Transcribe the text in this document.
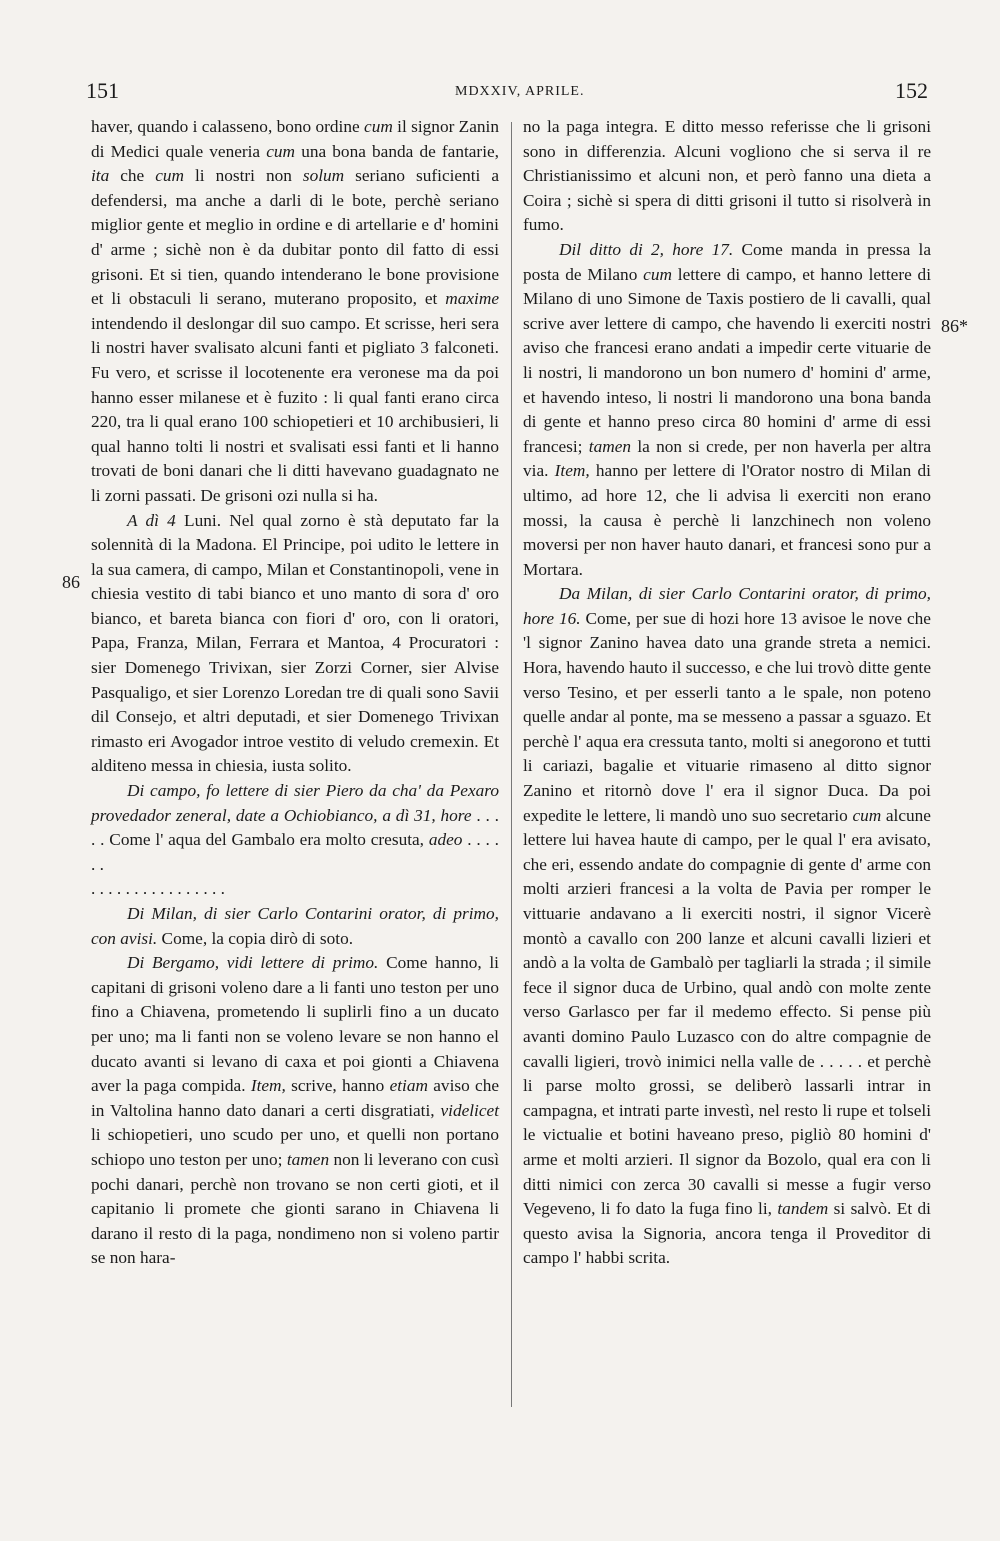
151	MDXXIV, APRILE.	152
86
86*

haver, quando i calasseno, bono ordine cum il signor Zanin di Medici quale veneria cum una bona banda de fantarie, ita che cum li nostri non solum seriano suficienti a defendersi, ma anche a darli di le bote, perchè seriano miglior gente et meglio in ordine e di artellarie e d' homini d' arme ; sichè non è da dubitar ponto dil fatto di essi grisoni. Et si tien, quando intenderano le bone provisione et li obstaculi li serano, muterano proposito, et maxime intendendo il deslongar dil suo campo. Et scrisse, heri sera li nostri haver svalisato alcuni fanti et pigliato 3 falconeti. Fu vero, et scrisse il locotenente era veronese ma da poi hanno esser milanese et è fuzito : li qual fanti erano circa 220, tra li qual erano 100 schiopetieri et 10 archibusieri, li qual hanno tolti li nostri et svalisati essi fanti et li hanno trovati de boni danari che li ditti havevano guadagnato ne li zorni passati. De grisoni ozi nulla si ha.

A dì 4 Luni. Nel qual zorno è stà deputato far la solennità di la Madona. El Principe, poi udito le lettere in la sua camera, di campo, Milan et Constantinopoli, vene in chiesia vestito di tabi bianco et uno manto di sora d' oro bianco, et bareta bianca con fiori d' oro, con li oratori, Papa, Franza, Milan, Ferrara et Mantoa, 4 Procuratori : sier Domenego Trivixan, sier Zorzi Corner, sier Alvise Pasqualigo, et sier Lorenzo Loredan tre di quali sono Savii dil Consejo, et altri deputadi, et sier Domenego Trivixan rimasto eri Avogador introe vestito di veludo cremexin. Et alditeno messa in chiesia, iusta solito.

Di campo, fo lettere di sier Piero da cha' da Pexaro provedador zeneral, date a Ochiobianco, a dì 31, hore . . . . . Come l' aqua del Gambalo era molto cresuta, adeo . . . . . .
. . . . . . . . . . . . . . . .

Di Milan, di sier Carlo Contarini orator, di primo, con avisi. Come, la copia dirò di soto.

Di Bergamo, vidi lettere di primo. Come hanno, li capitani di grisoni voleno dare a li fanti uno teston per uno fino a Chiavena, prometendo li suplirli fino a un ducato per uno; ma li fanti non se voleno levare se non hanno el ducato avanti si levano di caxa et poi gionti a Chiavena aver la paga compida. Item, scrive, hanno etiam aviso che in Valtolina hanno dato danari a certi disgratiati, videlicet li schiopetieri, uno scudo per uno, et quelli non portano schiopo uno teston per uno; tamen non li leverano con cusì pochi danari, perchè non trovano se non certi gioti, et il capitanio li promete che gionti sarano in Chiavena li darano il resto di la paga, nondimeno non si voleno partir se non hara-

no la paga integra. E ditto messo referisse che li grisoni sono in differenzia. Alcuni vogliono che si serva il re Christianissimo et alcuni non, et però fanno una dieta a Coira ; sichè si spera di ditti grisoni il tutto si risolverà in fumo.

Dil ditto di 2, hore 17. Come manda in pressa la posta de Milano cum lettere di campo, et hanno lettere di Milano di uno Simone de Taxis postiero de li cavalli, qual scrive aver lettere di campo, che havendo li exerciti nostri aviso che francesi erano andati a impedir certe vituarie de li nostri, li mandorono un bon numero d' homini d' arme, et havendo inteso, li nostri li mandorono una bona banda di gente et hanno preso circa 80 homini d' arme di essi francesi; tamen la non si crede, per non haverla per altra via. Item, hanno per lettere di l'Orator nostro di Milan di ultimo, ad hore 12, che li advisa li exerciti non erano mossi, la causa è perchè li lanzchinech non voleno moversi per non haver hauto danari, et francesi sono pur a Mortara.

Da Milan, di sier Carlo Contarini orator, di primo, hore 16. Come, per sue di hozi hore 13 avisoe le nove che 'l signor Zanino havea dato una grande streta a nemici. Hora, havendo hauto il successo, e che lui trovò ditte gente verso Tesino, et per esserli tanto a le spale, non poteno quelle andar al ponte, ma se messeno a passar a sguazo. Et perchè l' aqua era cressuta tanto, molti si anegorono et tutti li cariazi, bagalie et vituarie rimaseno al ditto signor Zanino et ritornò dove l' era il signor Duca. Da poi expedite le lettere, li mandò uno suo secretario cum alcune lettere lui havea haute di campo, per le qual l' era avisato, che eri, essendo andate do compagnie di gente d' arme con molti arzieri francesi a la volta de Pavia per romper le vittuarie andavano a li exerciti nostri, il signor Vicerè montò a cavallo con 200 lanze et alcuni cavalli lizieri et andò a la volta de Gambalò per tagliarli la strada ; il simile fece il signor duca de Urbino, qual andò con molte zente verso Garlasco per far il medemo effecto. Si pense più avanti domino Paulo Luzasco con do altre compagnie de cavalli ligieri, trovò inimici nella valle de . . . . . et perchè li parse molto grossi, se deliberò lassarli intrar in campagna, et intrati parte investì, nel resto li rupe et tolseli le victualie et botini haveano preso, pigliò 80 homini d' arme et molti arzieri. Il signor da Bozolo, qual era con li ditti nimici con zerca 30 cavalli si messe a fugir verso Vegeveno, li fo dato la fuga fino li, tandem si salvò. Et di questo avisa la Signoria, ancora tenga il Proveditor di campo l' habbi scrita.
